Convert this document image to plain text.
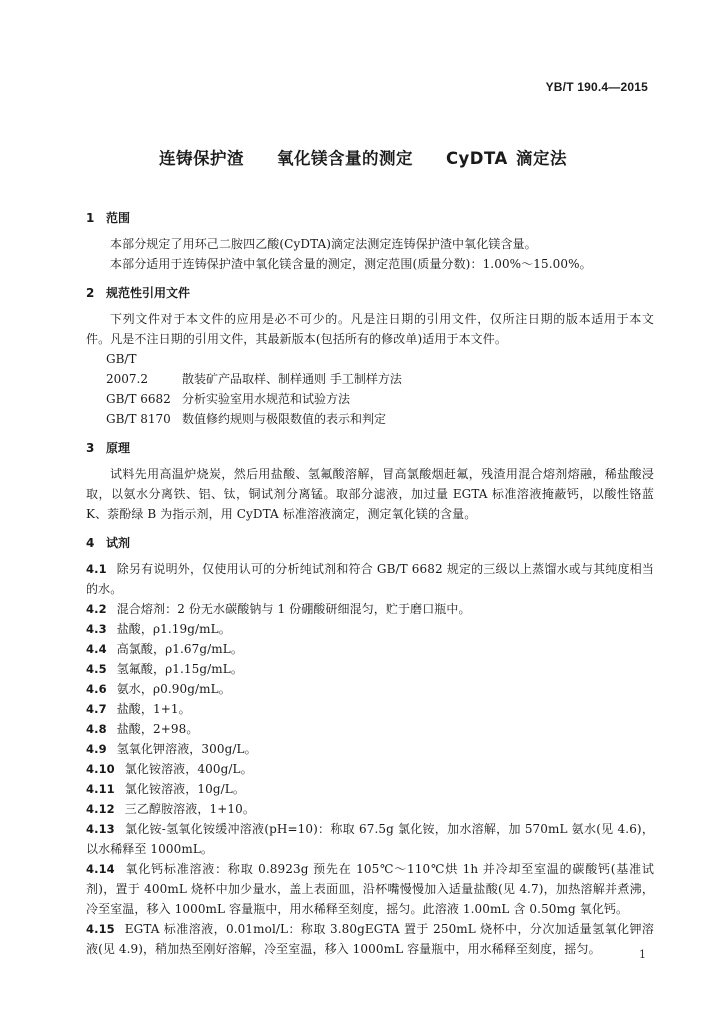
YB/T 190.4—2015
连铸保护渣    氧化镁含量的测定    CyDTA 滴定法
1 范围
本部分规定了用环己二胺四乙酸(CyDTA)滴定法测定连铸保护渣中氧化镁含量。
本部分适用于连铸保护渣中氧化镁含量的测定，测定范围(质量分数)：1.00%～15.00%。
2 规范性引用文件
下列文件对于本文件的应用是必不可少的。凡是注日期的引用文件，仅所注日期的版本适用于本文件。凡是不注日期的引用文件，其最新版本(包括所有的修改单)适用于本文件。
GB/T 2007.2	散装矿产品取样、制样通则 手工制样方法
GB/T 6682 分析实验室用水规范和试验方法
GB/T 8170 数值修约规则与极限数值的表示和判定
3 原理
试料先用高温炉烧炭，然后用盐酸、氢氟酸溶解，冒高氯酸烟赶氟，残渣用混合熔剂熔融，稀盐酸浸取，以氨水分离铁、铝、钛，铜试剂分离锰。取部分滤液，加过量 EGTA 标准溶液掩蔽钙，以酸性铬蓝 K、萘酚绿 B 为指示剂，用 CyDTA 标准溶液滴定，测定氧化镁的含量。
4 试剂
4.1 除另有说明外，仅使用认可的分析纯试剂和符合 GB/T 6682 规定的三级以上蒸馏水或与其纯度相当的水。
4.2 混合熔剂：2 份无水碳酸钠与 1 份硼酸研细混匀，贮于磨口瓶中。
4.3 盐酸，ρ1.19g/mL。
4.4 高氯酸，ρ1.67g/mL。
4.5 氢氟酸，ρ1.15g/mL。
4.6 氨水，ρ0.90g/mL。
4.7 盐酸，1+1。
4.8 盐酸，2+98。
4.9 氢氧化钾溶液，300g/L。
4.10 氯化铵溶液，400g/L。
4.11 氯化铵溶液，10g/L。
4.12 三乙醇胺溶液，1+10。
4.13 氯化铵-氢氧化铵缓冲溶液(pH=10)：称取 67.5g 氯化铵，加水溶解，加 570mL 氨水(见 4.6)，以水稀释至 1000mL。
4.14 氧化钙标准溶液：称取 0.8923g 预先在 105℃～110℃烘 1h 并冷却至室温的碳酸钙(基准试剂)，置于 400mL 烧杯中加少量水，盖上表面皿，沿杯嘴慢慢加入适量盐酸(见 4.7)，加热溶解并煮沸，冷至室温，移入 1000mL 容量瓶中，用水稀释至刻度，摇匀。此溶液 1.00mL 含 0.50mg 氧化钙。
4.15 EGTA 标准溶液，0.01mol/L：称取 3.80gEGTA 置于 250mL 烧杯中，分次加适量氢氧化钾溶液(见 4.9)，稍加热至刚好溶解，冷至室温，移入 1000mL 容量瓶中，用水稀释至刻度，摇匀。	1
